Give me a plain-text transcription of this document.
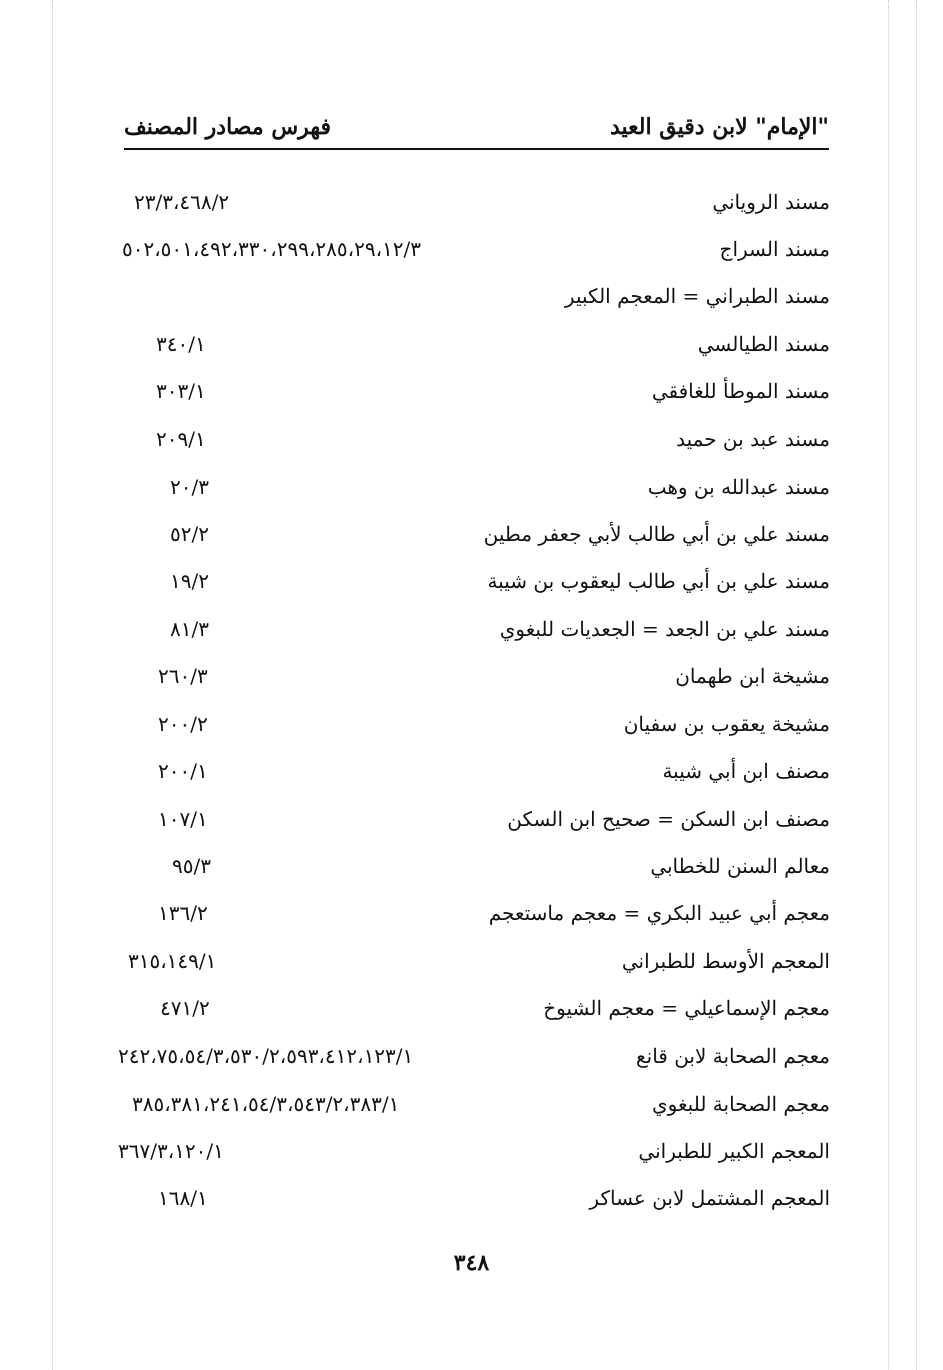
"الإمام" لابن دقيق العيد
فهرس مصادر المصنف
مسند الروياني
٢٣/٣،٤٦٨/٢
مسند السراج
٥٠٢،٥٠١،٤٩٢،٣٣٠،٢٩٩،٢٨٥،٢٩،١٢/٣
مسند الطبراني = المعجم الكبير
مسند الطيالسي
٣٤٠/١
مسند الموطأ للغافقي
٣٠٣/١
مسند عبد بن حميد
٢٠٩/١
مسند عبدالله بن وهب
٢٠/٣
مسند علي بن أبي طالب لأبي جعفر مطين
٥٢/٢
مسند علي بن أبي طالب ليعقوب بن شيبة
١٩/٢
مسند علي بن الجعد = الجعديات للبغوي
٨١/٣
مشيخة ابن طهمان
٢٦٠/٣
مشيخة يعقوب بن سفيان
٢٠٠/٢
مصنف ابن أبي شيبة
٢٠٠/١
مصنف ابن السكن = صحيح ابن السكن
١٠٧/١
معالم السنن للخطابي
٩٥/٣
معجم أبي عبيد البكري = معجم ماستعجم
١٣٦/٢
المعجم الأوسط للطبراني
٣١٥،١٤٩/١
معجم الإسماعيلي = معجم الشيوخ
٤٧١/٢
معجم الصحابة لابن قانع
٢٤٢،٧٥،٥٤/٣،٥٣٠/٢،٥٩٣،٤١٢،١٢٣/١
معجم الصحابة للبغوي
٣٨٥،٣٨١،٢٤١،٥٤/٣،٥٤٣/٢،٣٨٣/١
المعجم الكبير للطبراني
٣٦٧/٣،١٢٠/١
المعجم المشتمل لابن عساكر
١٦٨/١
٣٤٨
